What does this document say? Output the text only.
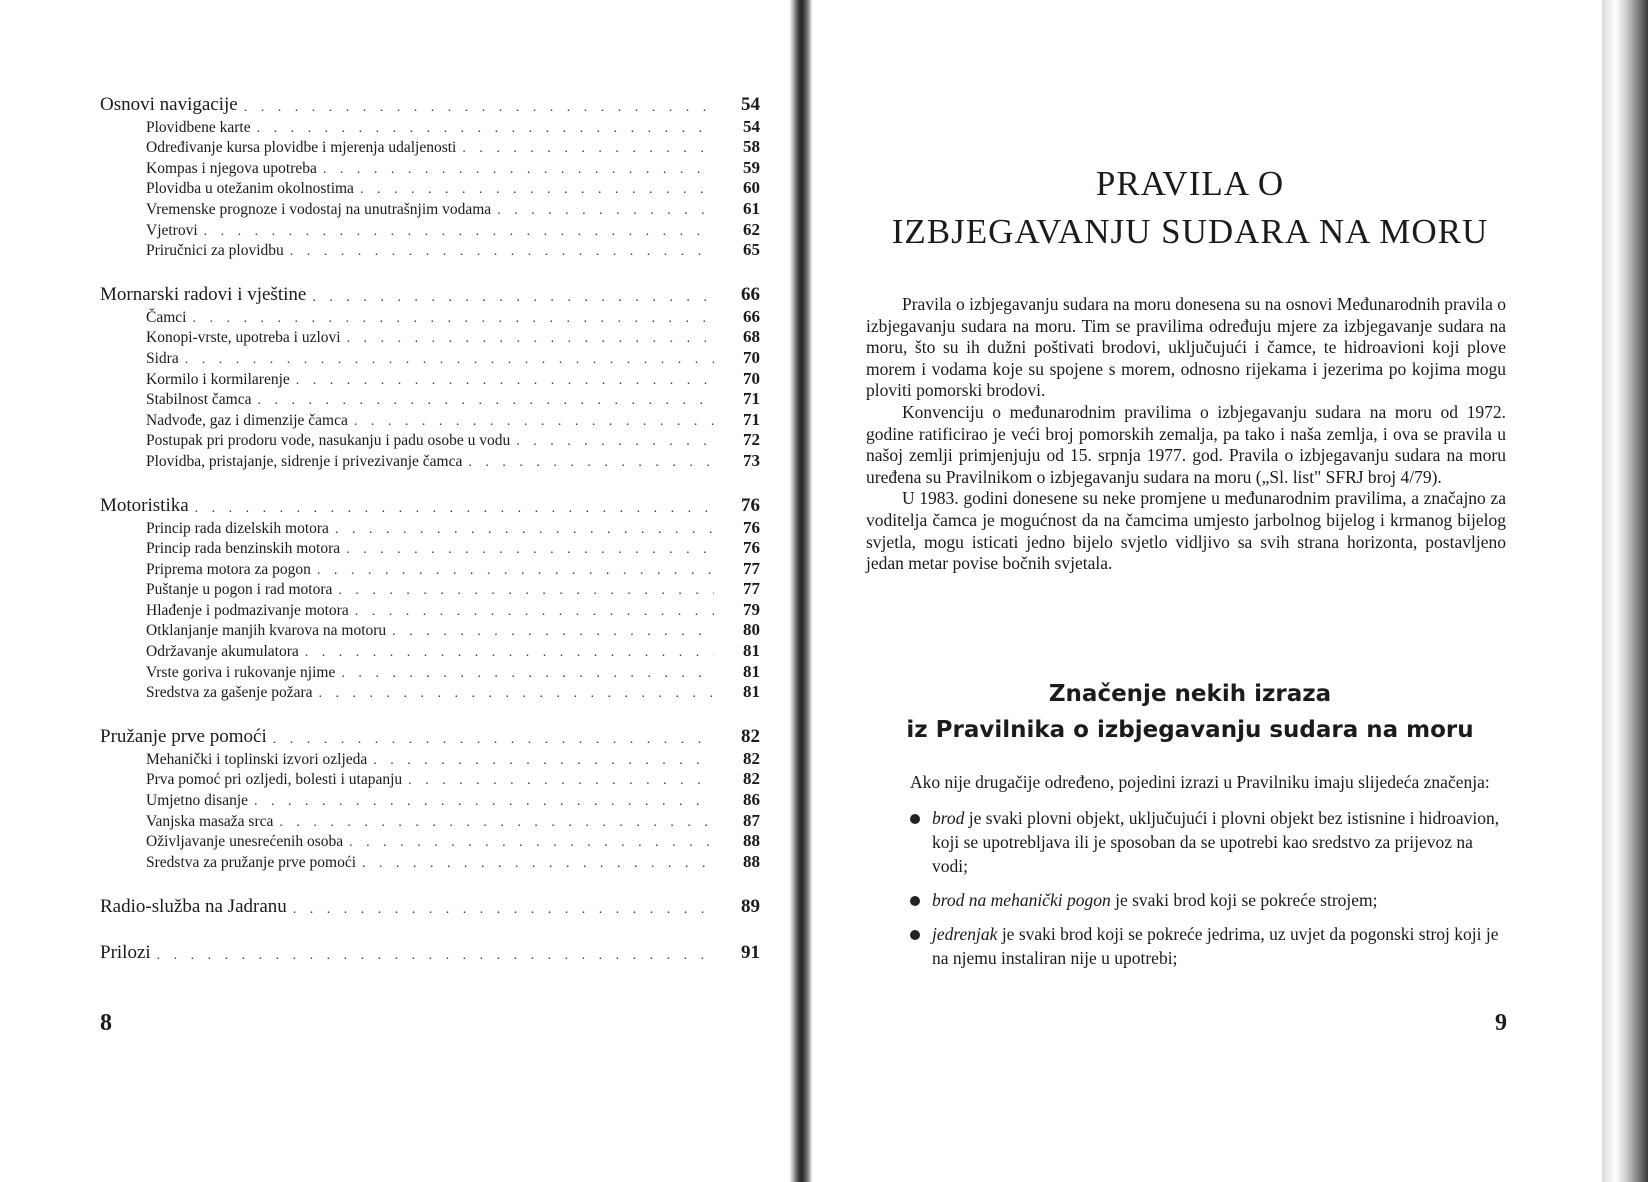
Osnovi navigacije . . .	54
Plovidbene karte . . .	54
Određivanje kursa plovidbe i mjerenja udaljenosti . . .	58
Kompas i njegova upotreba . . .	59
Plovidba u otežanim okolnostima . . .	60
Vremenske prognoze i vodostaj na unutrašnjim vodama . . .	61
Vjetrovi . . .	62
Priručnici za plovidbu . . .	65
Mornarski radovi i vještine . . .	66
Čamci . . .	66
Konopi-vrste, upotreba i uzlovi . . .	68
Sidra . . .	70
Kormilo i kormilarenje . . .	70
Stabilnost čamca . . .	71
Nadvođe, gaz i dimenzije čamca . . .	71
Postupak pri prodoru vode, nasukanju i padu osobe u vodu . . .	72
Plovidba, pristajanje, sidrenje i privezivanje čamca . . .	73
Motoristika . . .	76
Princip rada dizelskih motora . . .	76
Princip rada benzinskih motora . . .	76
Priprema motora za pogon . . .	77
Puštanje u pogon i rad motora . . .	77
Hlađenje i podmazivanje motora . . .	79
Otklanjanje manjih kvarova na motoru . . .	80
Održavanje akumulatora . . .	81
Vrste goriva i rukovanje njime . . .	81
Sredstva za gašenje požara . . .	81
Pružanje prve pomoći . . .	82
Mehanički i toplinski izvori ozljeda . . .	82
Prva pomoć pri ozljedi, bolesti i utapanju . . .	82
Umjetno disanje . . .	86
Vanjska masaža srca . . .	87
Oživljavanje unesrećenih osoba . . .	88
Sredstva za pružanje prve pomoći . . .	88
Radio-služba na Jadranu . . .	89
Prilozi . . .	91
8
PRAVILA O
IZBJEGAVANJU SUDARA NA MORU

Pravila o izbjegavanju sudara na moru donesena su na osnovi Međunarodnih pravila o izbjegavanju sudara na moru. Tim se pravilima određuju mjere za izbjegavanje sudara na moru, što su ih dužni poštivati brodovi, uključujući i čamce, te hidroavioni koji plove morem i vodama koje su spojene s morem, odnosno rijekama i jezerima po kojima mogu ploviti pomorski brodovi.

Konvenciju o međunarodnim pravilima o izbjegavanju sudara na moru od 1972. godine ratificirao je veći broj pomorskih zemalja, pa tako i naša zemlja, i ova se pravila u našoj zemlji primjenjuju od 15. srpnja 1977. god. Pravila o izbjegavanju sudara na moru uređena su Pravilnikom o izbjegavanju sudara na moru („Sl. list" SFRJ broj 4/79).

U 1983. godini donesene su neke promjene u međunarodnim pravilima, a značajno za voditelja čamca je mogućnost da na čamcima umjesto jarbolnog bijelog i krmanog bijelog svjetla, mogu isticati jedno bijelo svjetlo vidljivo sa svih strana horizonta, postavljeno jedan metar povise bočnih svjetala.

Značenje nekih izraza
iz Pravilnika o izbjegavanju sudara na moru

Ako nije drugačije određeno, pojedini izrazi u Pravilniku imaju slijedeća značenja:

brod je svaki plovni objekt, uključujući i plovni objekt bez istisnine i hidroavion, koji se upotrebljava ili je sposoban da se upotrebi kao sredstvo za prijevoz na vodi;
brod na mehanički pogon je svaki brod koji se pokreće strojem;
jedrenjak je svaki brod koji se pokreće jedrima, uz uvjet da pogonski stroj koji je na njemu instaliran nije u upotrebi;
9
